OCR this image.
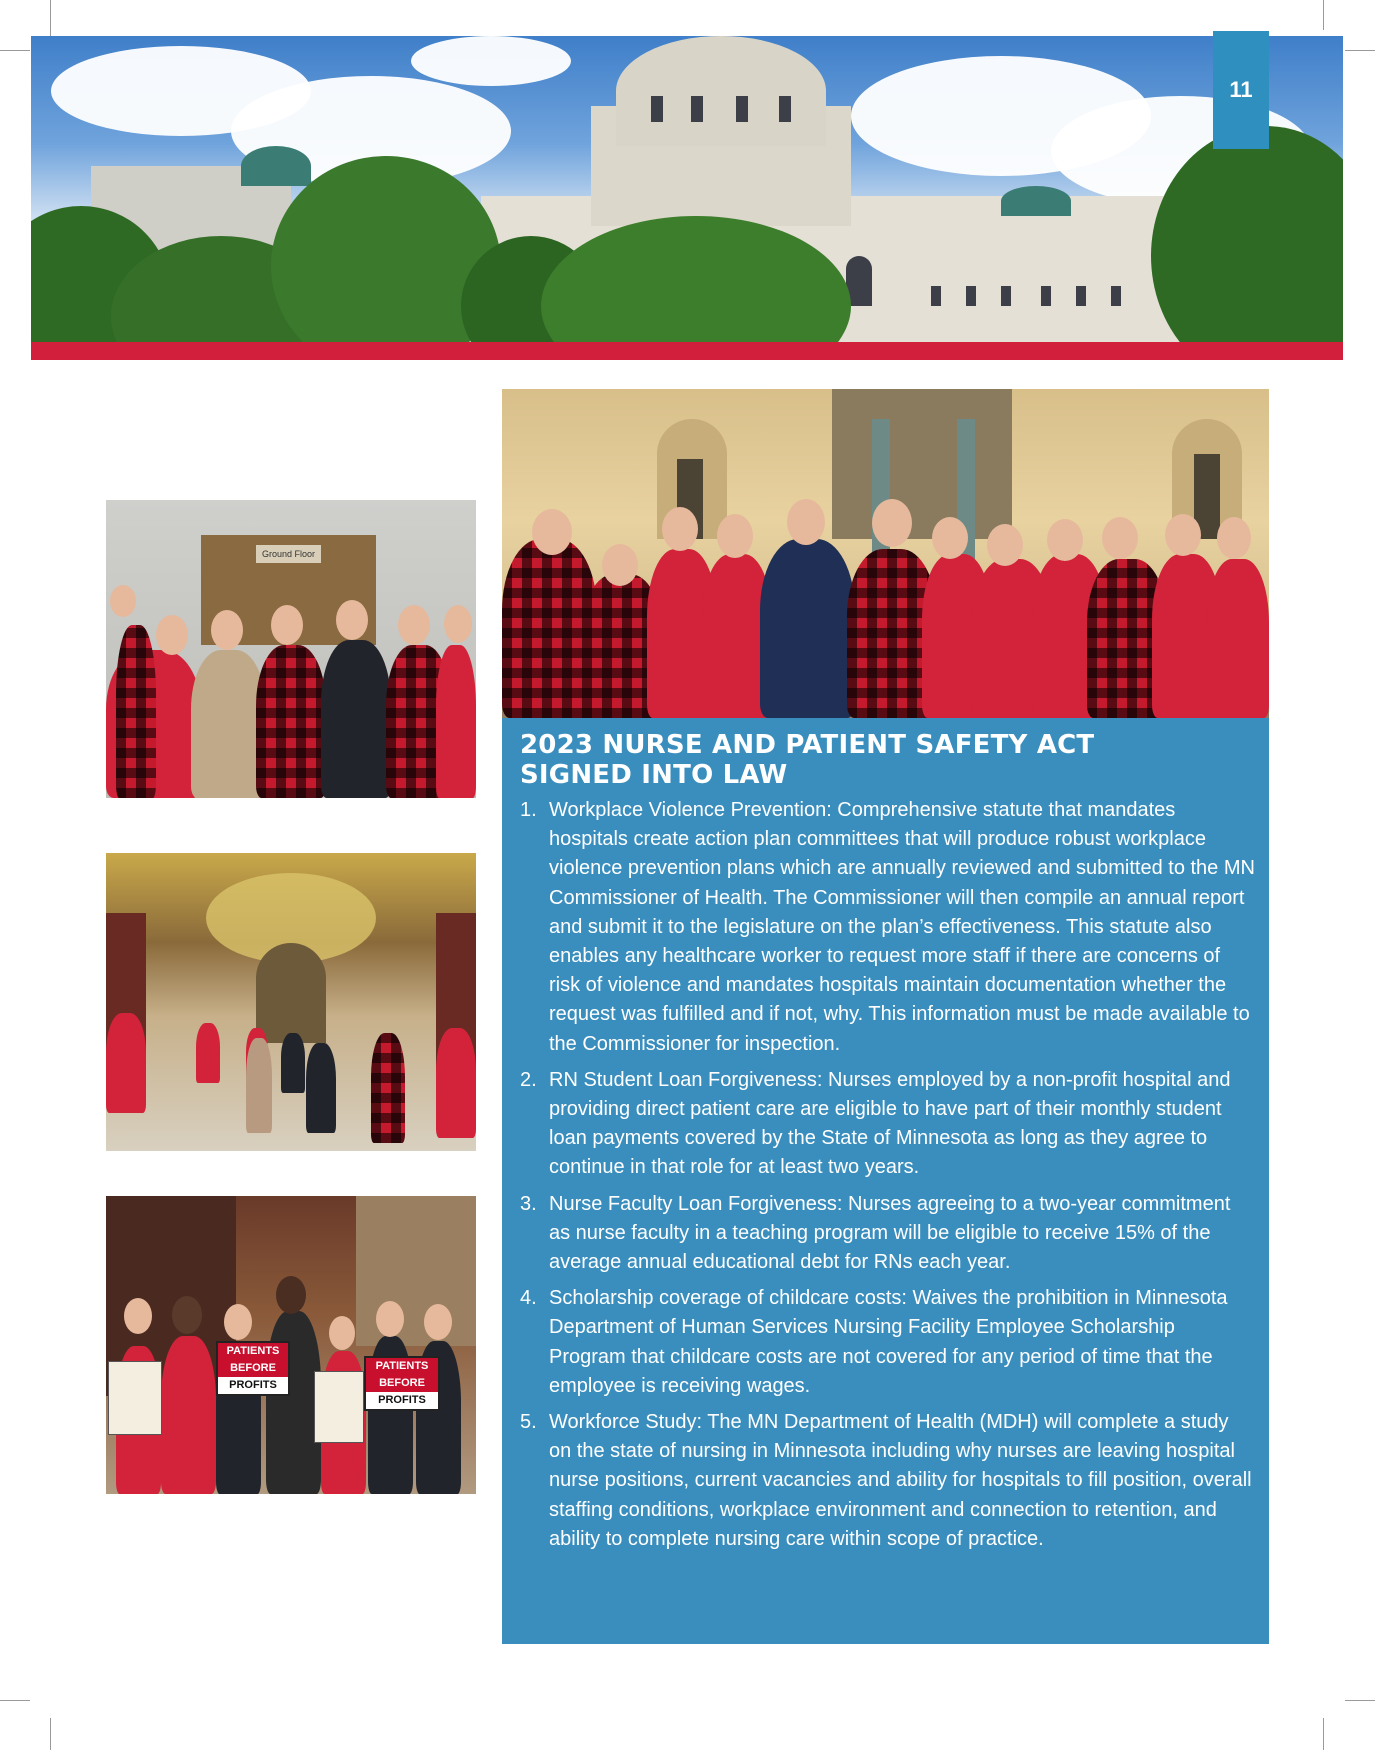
11
Ground Floor
PATIENTS
BEFORE
PROFITS
PATIENTS
BEFORE
PROFITS
2023 NURSE AND PATIENT SAFETY ACT
SIGNED INTO LAW
1. Workplace Violence Prevention: Comprehensive statute that mandates hospitals create action plan committees that will produce robust workplace violence prevention plans which are annually reviewed and submitted to the MN Commissioner of Health. The Commissioner will then compile an annual report and submit it to the legislature on the plan’s effectiveness. This statute also enables any healthcare worker to request more staff if there are concerns of risk of violence and mandates hospitals maintain documentation whether the request was fulfilled and if not, why. This information must be made available to the Commissioner for inspection.
2. RN Student Loan Forgiveness: Nurses employed by a non-profit hospital and providing direct patient care are eligible to have part of their monthly student loan payments covered by the State of Minnesota as long as they agree to continue in that role for at least two years.
3. Nurse Faculty Loan Forgiveness: Nurses agreeing to a two-year commitment as nurse faculty in a teaching program will be eligible to receive 15% of the average annual educational debt for RNs each year.
4. Scholarship coverage of childcare costs: Waives the prohibition in Minnesota Department of Human Services Nursing Facility Employee Scholarship Program that childcare costs are not covered for any period of time that the employee is receiving wages.
5. Workforce Study: The MN Department of Health (MDH) will complete a study on the state of nursing in Minnesota including why nurses are leaving hospital nurse positions, current vacancies and ability for hospitals to fill position, overall staffing conditions, workplace environment and connection to retention, and ability to complete nursing care within scope of practice.
